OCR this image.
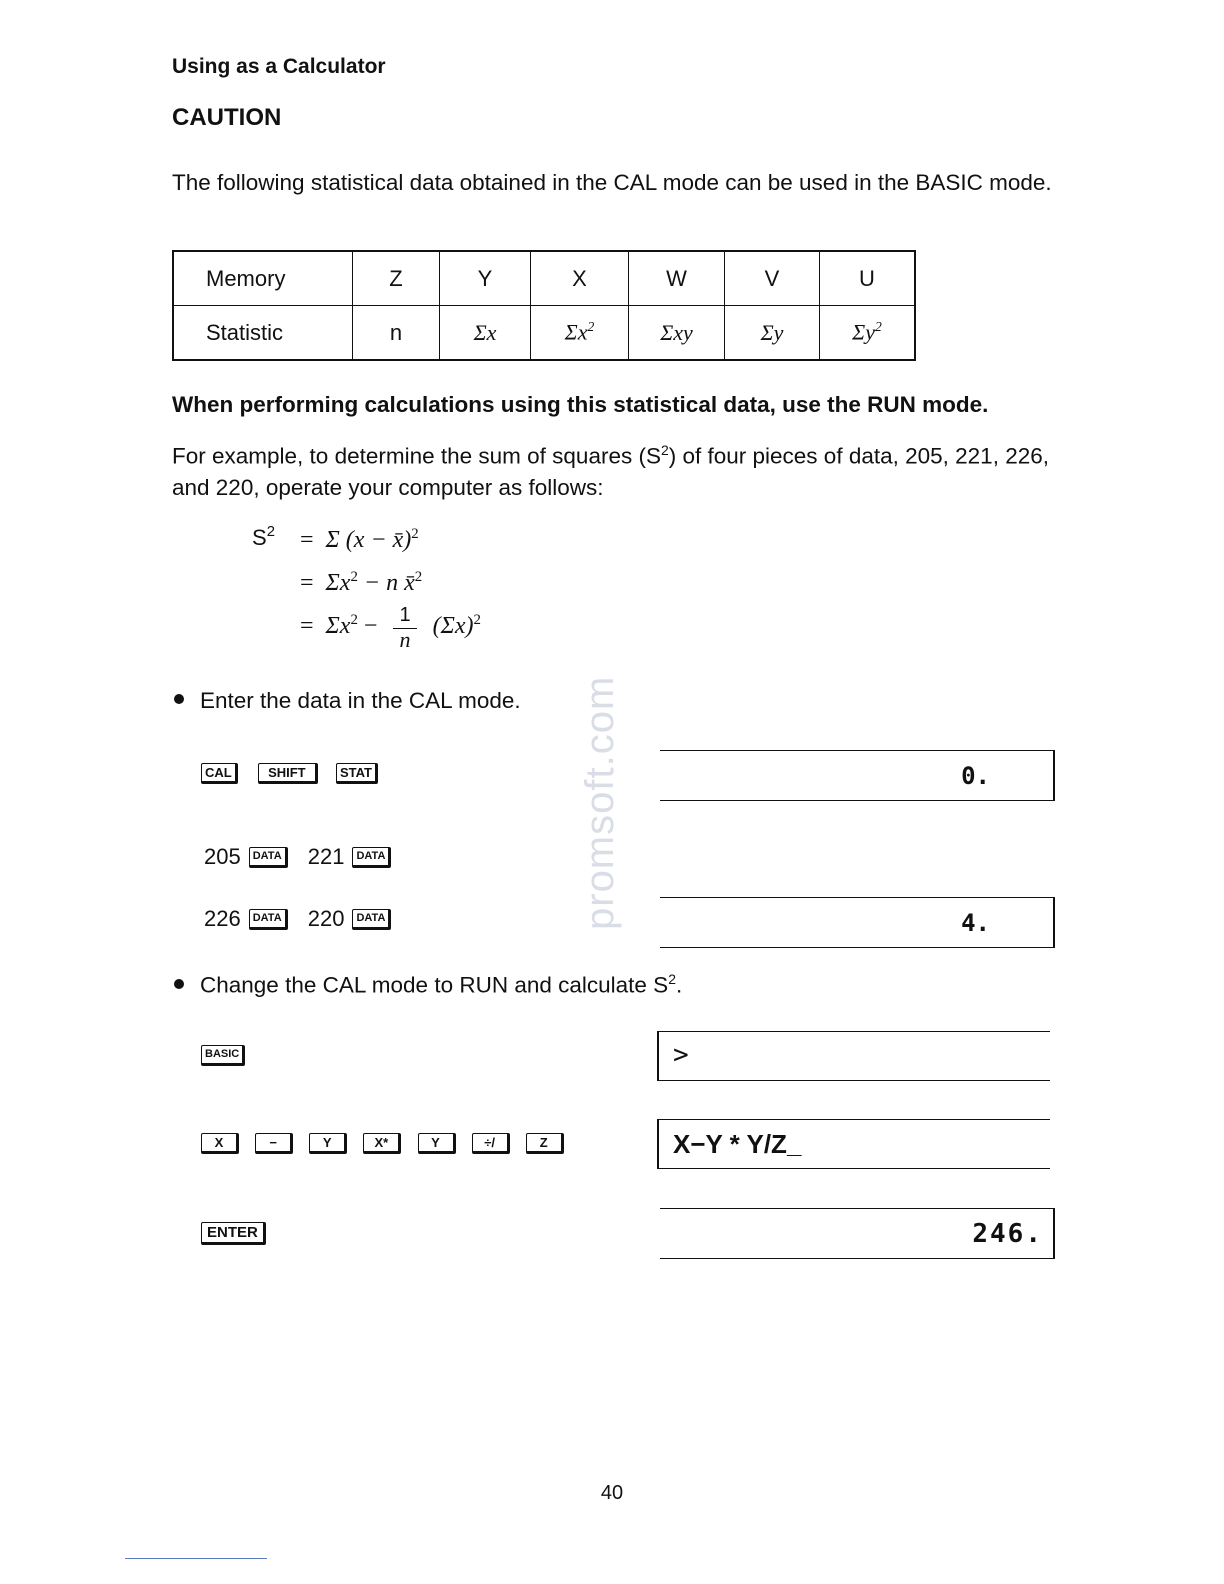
Using as a Calculator
CAUTION
The following statistical data obtained in the CAL mode can be used in the BASIC mode.
Memory	Z	Y	X	W	V	U
Statistic	n	Σx	$\Sigma x^2$	Σxy	Σy	$\Sigma y^2$
When performing calculations using this statistical data, use the RUN mode.
For example, to determine the sum of squares $(S^2)$ of four pieces of data, 205, 221, 226, and 220, operate your computer as follows:
$S^2 = \Sigma$ (x − x̄)$^2$
= $\Sigma x^2 - n$ x̄$^2$
= $\Sigma x^2 - \frac{1}{n} (\Sigma x)^2$
promsoft.com
Enter the data in the CAL mode.
CAL	SHIFT	STAT	0.
205 DATA 221 DATA
226 DATA 220 DATA	4.
Change the CAL mode to RUN and calculate $S^2$.
BASIC	>
X	−	Y	X*	Y	÷/	Z	X−Y * Y/Z_
ENTER	246.
40
